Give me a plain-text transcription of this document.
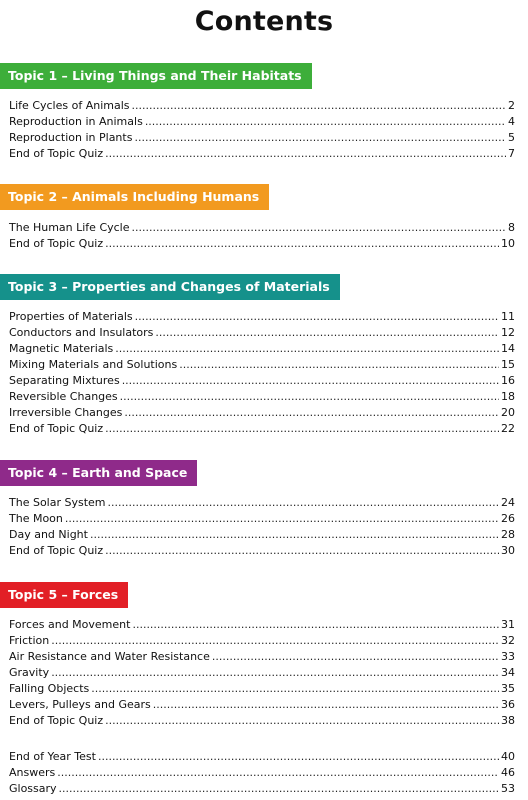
Contents
Topic 1 – Living Things and Their Habitats
Life Cycles of Animals .....	2
Reproduction in Animals .....	4
Reproduction in Plants .....	5
End of Topic Quiz .....	7
Topic 2 – Animals Including Humans
The Human Life Cycle .....	8
End of Topic Quiz .....	10
Topic 3 – Properties and Changes of Materials
Properties of Materials .....	11
Conductors and Insulators .....	12
Magnetic Materials .....	14
Mixing Materials and Solutions .....	15
Separating Mixtures .....	16
Reversible Changes .....	18
Irreversible Changes .....	20
End of Topic Quiz .....	22
Topic 4 – Earth and Space
The Solar System .....	24
The Moon .....	26
Day and Night .....	28
End of Topic Quiz .....	30
Topic 5 – Forces
Forces and Movement .....	31
Friction .....	32
Air Resistance and Water Resistance .....	33
Gravity .....	34
Falling Objects .....	35
Levers, Pulleys and Gears .....	36
End of Topic Quiz .....	38
End of Year Test .....	40
Answers .....	46
Glossary .....	53
